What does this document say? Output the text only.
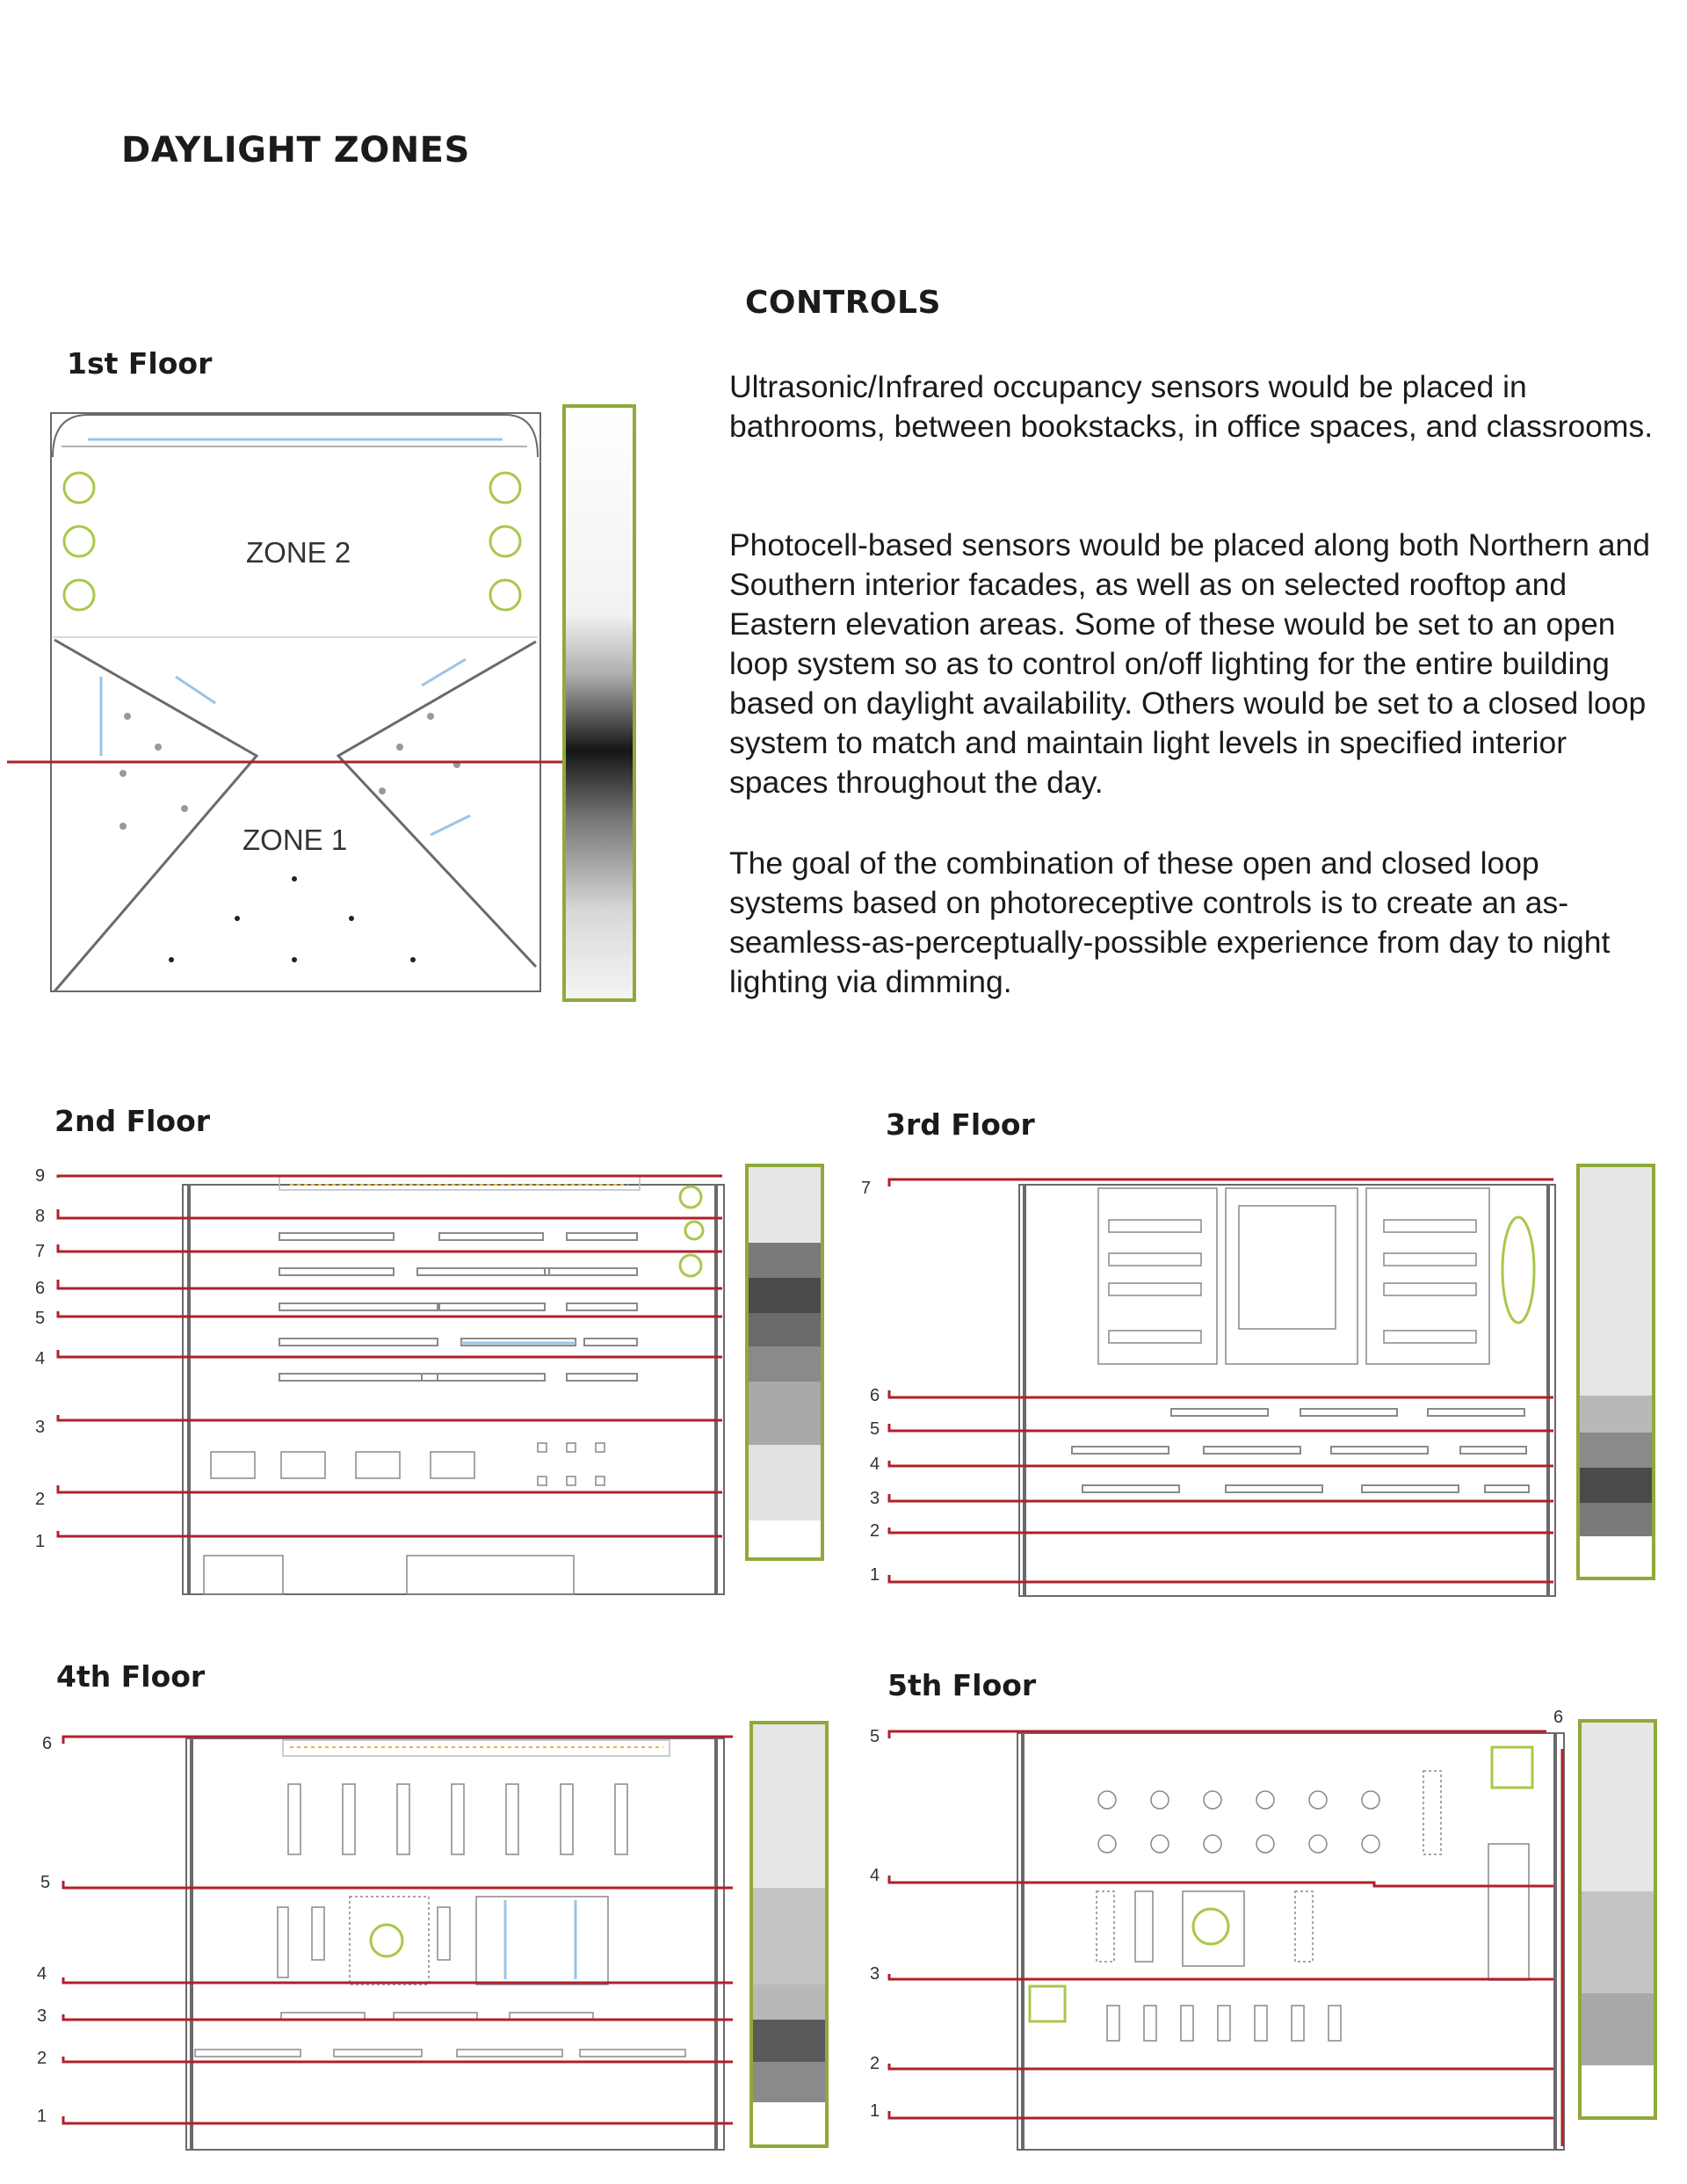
DAYLIGHT ZONES
CONTROLS

Ultrasonic/Infrared occupancy sensors would be placed in bathrooms, between bookstacks, in office spaces, and classrooms.

Photocell-based sensors would be placed along both Northern and Southern interior facades, as well as on selected rooftop and Eastern elevation areas. Some of these would be set to an open loop system so as to control on/off lighting for the entire building based on daylight availability. Others would be set to a closed loop system to match and maintain light levels in specified interior spaces throughout the day.

The goal of the combination of these open and closed loop systems based on photoreceptive controls is to create an as-seamless-as-perceptually-possible experience from day to night lighting via dimming.

1st Floor
2nd Floor	3rd Floor
4th Floor	5th Floor
ZONE 2
ZONE 1
9
8
7
6
5
4
3
2
1
7
6
5
4
3
2
1
6
5
4
3
2
1
6
5
4
3
2
1
